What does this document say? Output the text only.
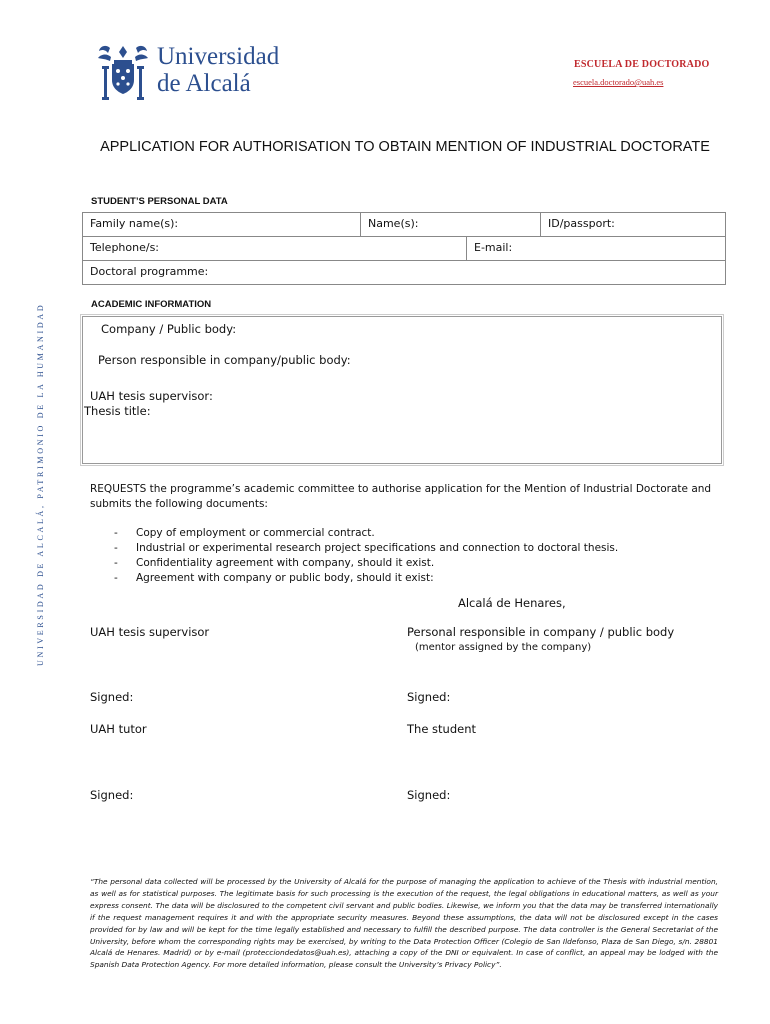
UNIVERSIDAD DE ALCALÁ, PATRIMONIO DE LA HUMANIDAD
Universidad
de Alcalá
ESCUELA DE DOCTORADO
escuela.doctorado@uah.es
APPLICATION FOR AUTHORISATION TO OBTAIN MENTION OF INDUSTRIAL DOCTORATE
STUDENT’S PERSONAL DATA
Family name(s):	Name(s):	ID/passport:
Telephone/s:	E-mail:
Doctoral programme:
ACADEMIC INFORMATION
Company / Public body:
Person responsible in company/public body:
UAH tesis supervisor:
Thesis title:
REQUESTS the programme’s academic committee to authorise application for the Mention of Industrial Doctorate and submits the following documents:
- Copy of employment or commercial contract.
- Industrial or experimental research project specifications and connection to doctoral thesis.
- Confidentiality agreement with company, should it exist.
- Agreement with company or public body, should it exist:
Alcalá de Henares,
UAH tesis supervisor	Personal responsible in company / public body
(mentor assigned by the company)
Signed:	Signed:
UAH tutor	The student
Signed:	Signed:
“The personal data collected will be processed by the University of Alcalá for the purpose of managing the application to achieve of the Thesis with industrial mention, as well as for statistical purposes. The legitimate basis for such processing is the execution of the request, the legal obligations in educational matters, as well as your express consent. The data will be disclosured to the competent civil servant and public bodies. Likewise, we inform you that the data may be transferred internationally if the request management requires it and with the appropriate security measures. Beyond these assumptions, the data will not be disclosured except in the cases provided for by law and will be kept for the time legally established and necessary to fulfill the described purpose. The data controller is the General Secretariat of the University, before whom the corresponding rights may be exercised, by writing to the Data Protection Officer (Colegio de San Ildefonso, Plaza de San Diego, s/n. 28801 Alcalá de Henares. Madrid) or by e-mail (protecciondedatos@uah.es), attaching a copy of the DNI or equivalent. In case of conflict, an appeal may be lodged with the Spanish Data Protection Agency. For more detailed information, please consult the University’s Privacy Policy”.
